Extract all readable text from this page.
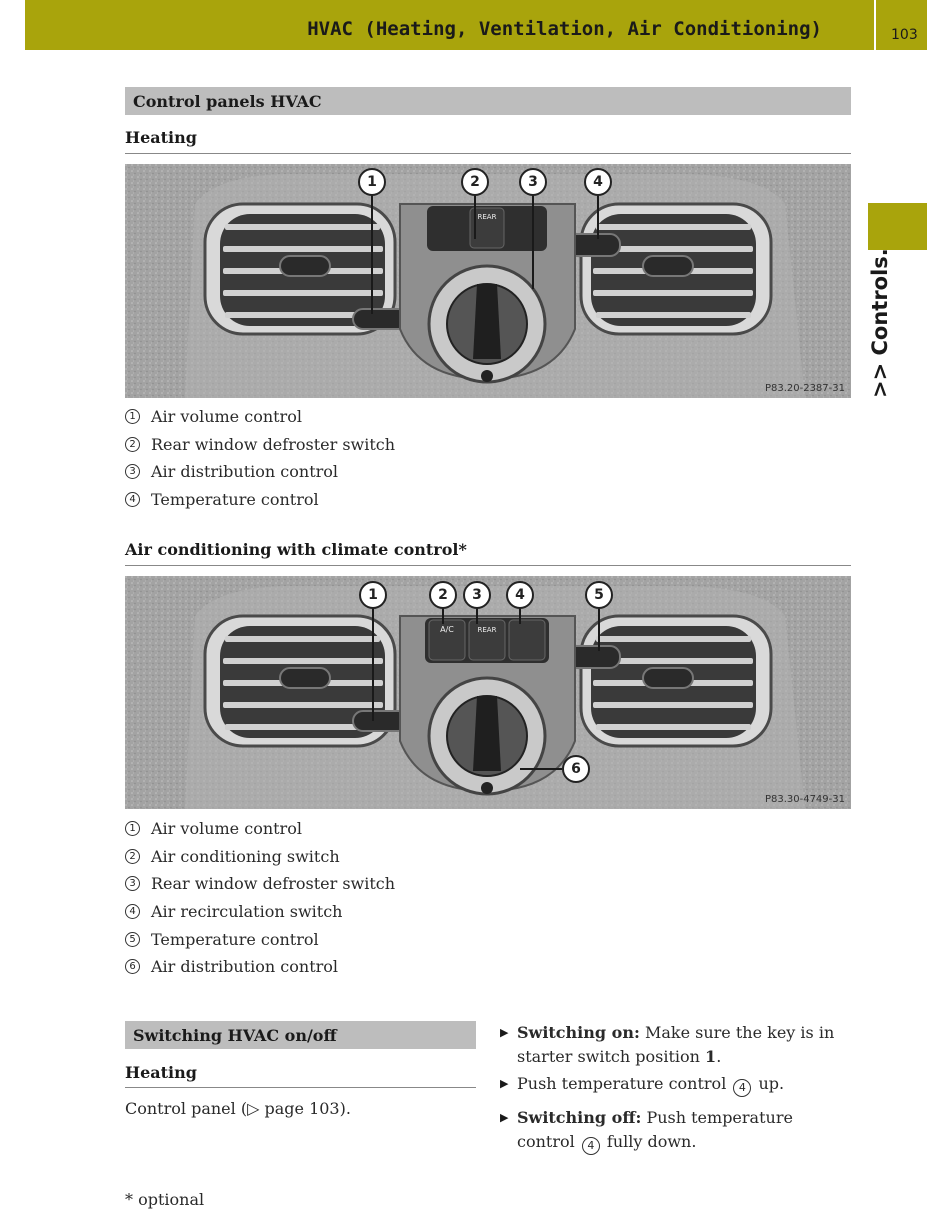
HVAC (Heating, Ventilation, Air Conditioning)	103
>> Controls.
Control panels HVAC
Heating
REAR
1	2	3	4
P83.20-2387-31
1 Air volume control
2 Rear window defroster switch
3 Air distribution control
4 Temperature control
Air conditioning with climate control*
A/C	REAR
1	2	3	4	5
6
P83.30-4749-31
1 Air volume control
2 Air conditioning switch
3 Rear window defroster switch
4 Air recirculation switch
5 Temperature control
6 Air distribution control
Switching HVAC on/off
Heating
Control panel (▷ page 103).
▶ Switching on: Make sure the key is in starter switch position 1.
▶ Push temperature control 4 up.
▶ Switching off: Push temperature control 4 fully down.
* optional
